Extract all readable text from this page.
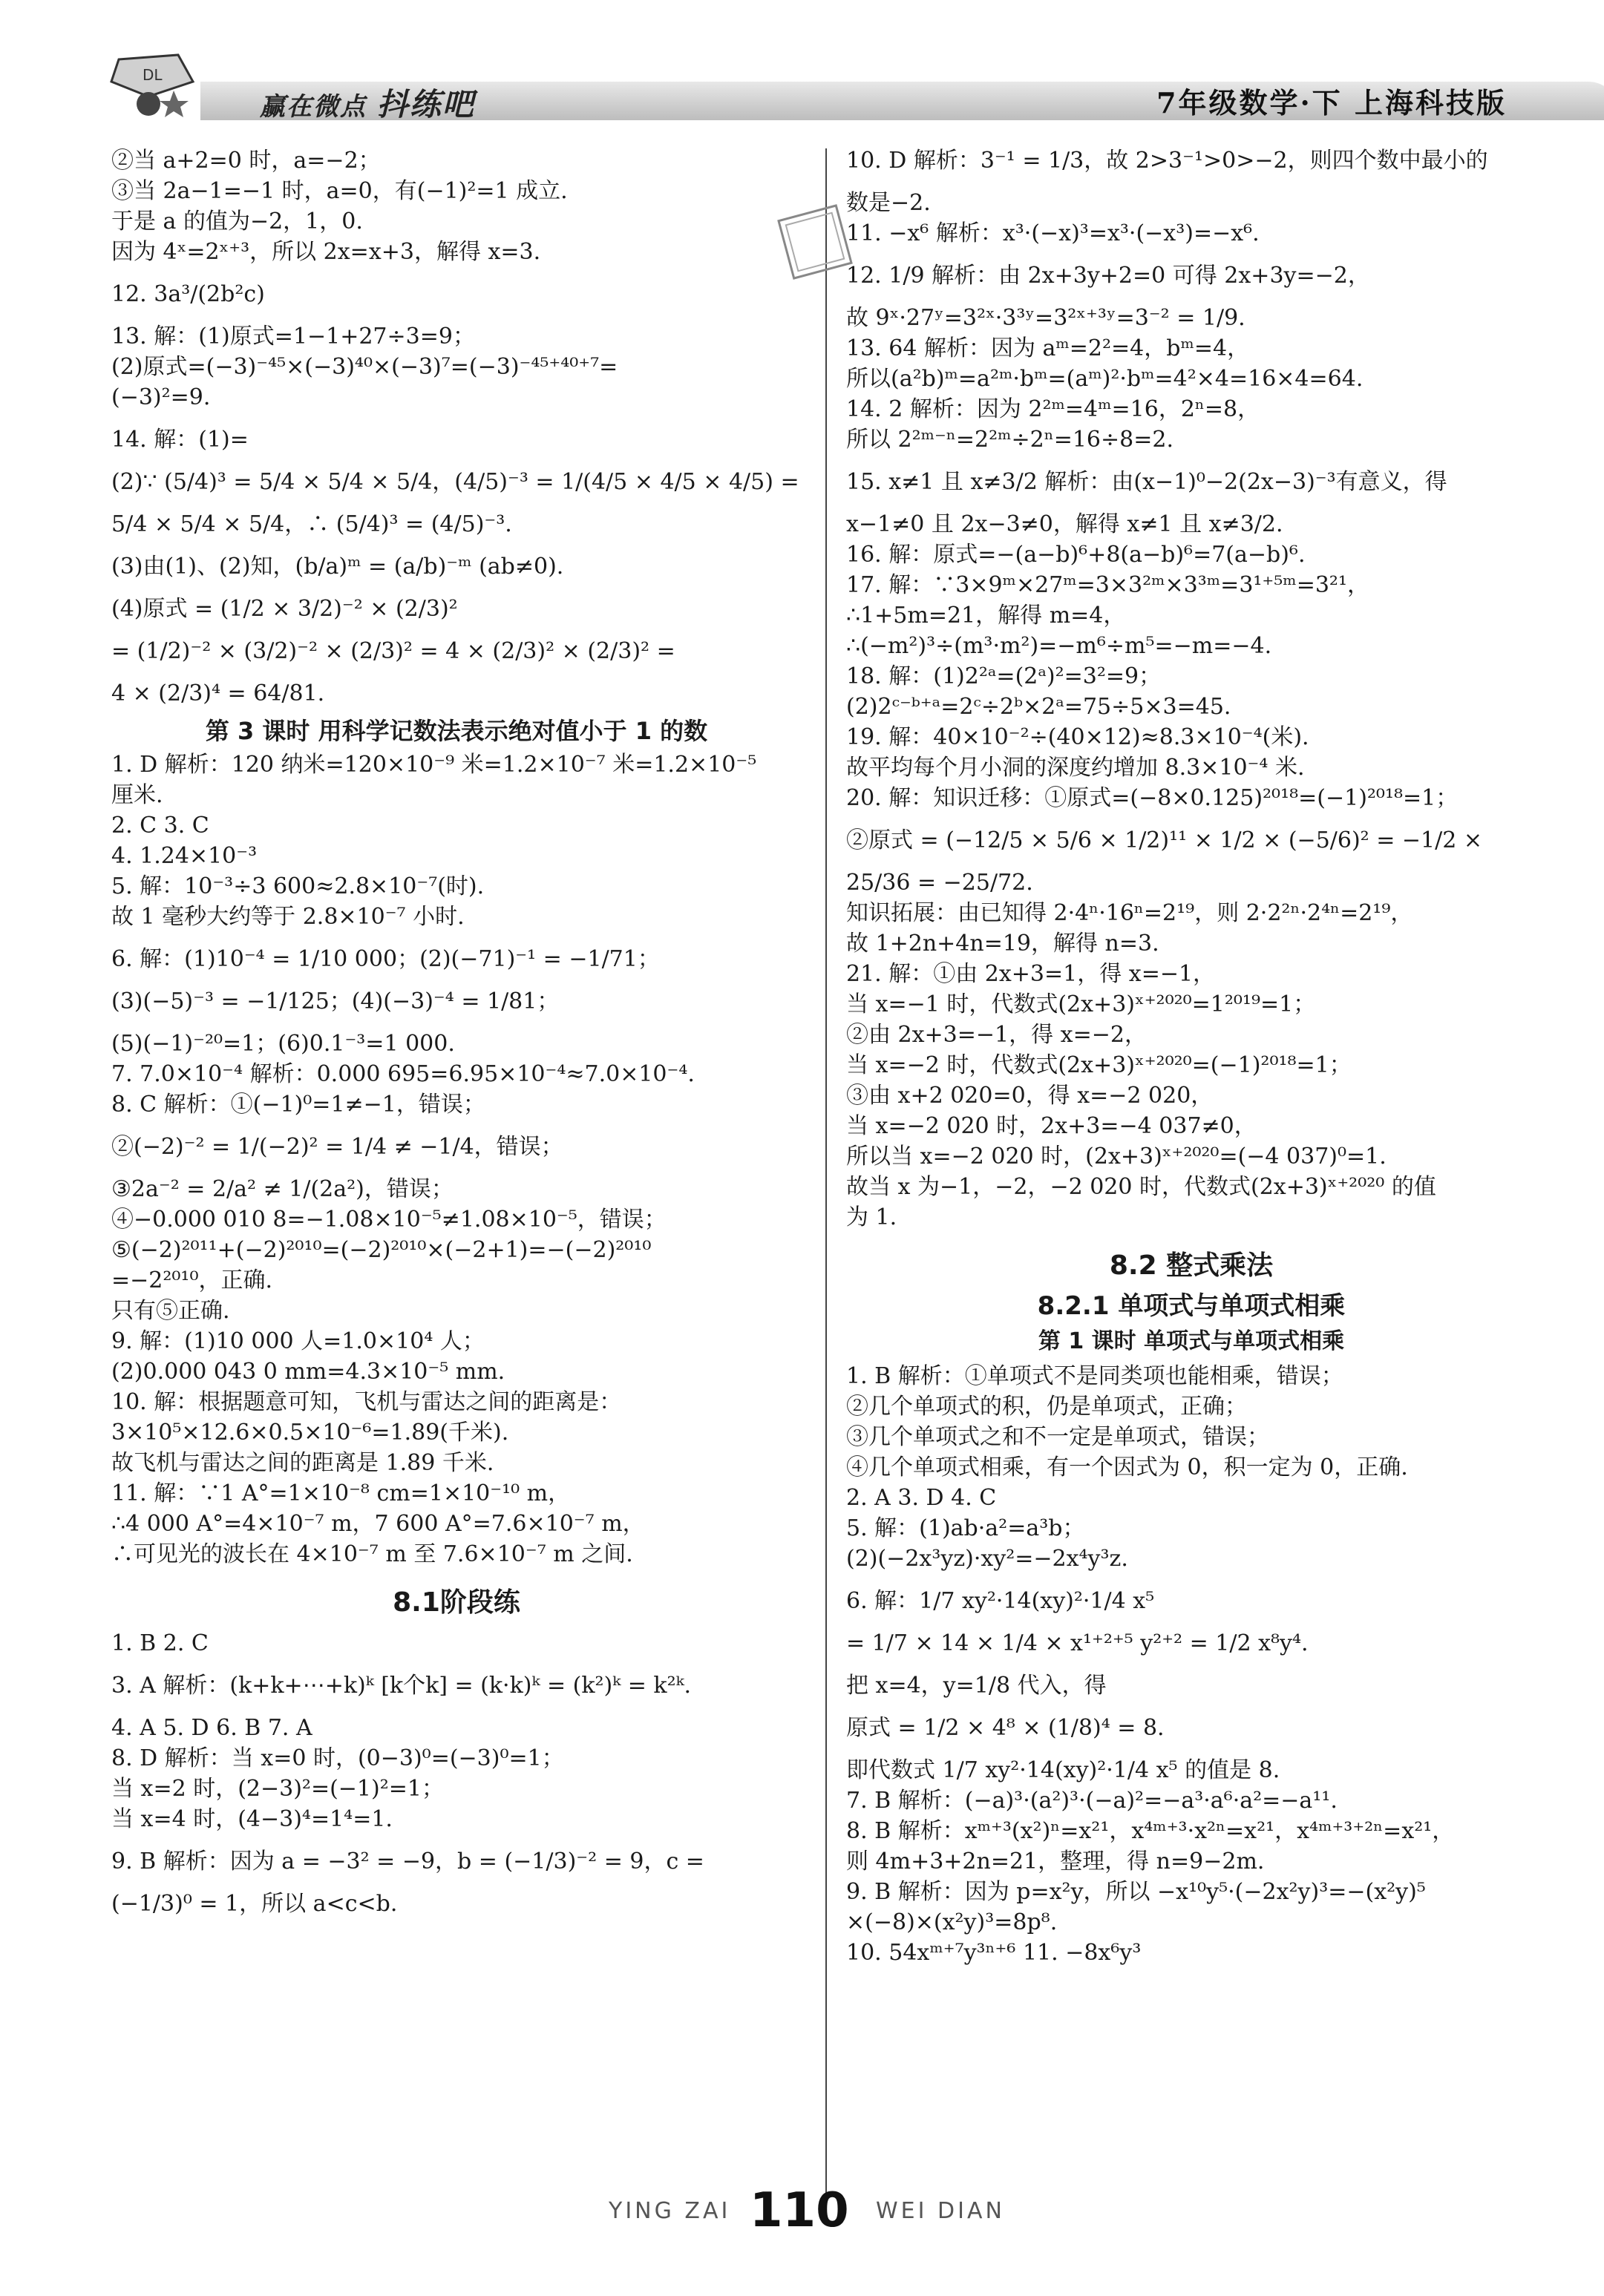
DL
赢在微点 抖练吧	7年级数学·下 上海科技版
②当 a+2=0 时，a=−2；
③当 2a−1=−1 时，a=0，有(−1)²=1 成立.
于是 a 的值为−2，1，0.
因为 4ˣ=2ˣ⁺³，所以 2x=x+3，解得 x=3.
12. 3a³/(2b²c)
13. 解：(1)原式=1−1+27÷3=9；
(2)原式=(−3)⁻⁴⁵×(−3)⁴⁰×(−3)⁷=(−3)⁻⁴⁵⁺⁴⁰⁺⁷=
(−3)²=9.
14. 解：(1)=
(2)∵ (5/4)³ = 5/4 × 5/4 × 5/4，(4/5)⁻³ = 1/(4/5 × 4/5 × 4/5) =
5/4 × 5/4 × 5/4，∴ (5/4)³ = (4/5)⁻³.
(3)由(1)、(2)知，(b/a)ᵐ = (a/b)⁻ᵐ (ab≠0).
(4)原式 = (1/2 × 3/2)⁻² × (2/3)²
= (1/2)⁻² × (3/2)⁻² × (2/3)² = 4 × (2/3)² × (2/3)² =
4 × (2/3)⁴ = 64/81.
第 3 课时 用科学记数法表示绝对值小于 1 的数
1. D 解析：120 纳米=120×10⁻⁹ 米=1.2×10⁻⁷ 米=1.2×10⁻⁵
厘米.
2. C 3. C
4. 1.24×10⁻³
5. 解：10⁻³÷3 600≈2.8×10⁻⁷(时).
故 1 毫秒大约等于 2.8×10⁻⁷ 小时.
6. 解：(1)10⁻⁴ = 1/10 000；(2)(−71)⁻¹ = −1/71；
(3)(−5)⁻³ = −1/125；(4)(−3)⁻⁴ = 1/81；
(5)(−1)⁻²⁰=1；(6)0.1⁻³=1 000.
7. 7.0×10⁻⁴ 解析：0.000 695=6.95×10⁻⁴≈7.0×10⁻⁴.
8. C 解析：①(−1)⁰=1≠−1，错误；
②(−2)⁻² = 1/(−2)² = 1/4 ≠ −1/4，错误；
③2a⁻² = 2/a² ≠ 1/(2a²)，错误；
④−0.000 010 8=−1.08×10⁻⁵≠1.08×10⁻⁵，错误；
⑤(−2)²⁰¹¹+(−2)²⁰¹⁰=(−2)²⁰¹⁰×(−2+1)=−(−2)²⁰¹⁰
=−2²⁰¹⁰，正确.
只有⑤正确.
9. 解：(1)10 000 人=1.0×10⁴ 人；
(2)0.000 043 0 mm=4.3×10⁻⁵ mm.
10. 解：根据题意可知，飞机与雷达之间的距离是：
3×10⁵×12.6×0.5×10⁻⁶=1.89(千米).
故飞机与雷达之间的距离是 1.89 千米.
11. 解：∵1 A°=1×10⁻⁸ cm=1×10⁻¹⁰ m，
∴4 000 A°=4×10⁻⁷ m，7 600 A°=7.6×10⁻⁷ m，
∴可见光的波长在 4×10⁻⁷ m 至 7.6×10⁻⁷ m 之间.
8.1阶段练
1. B 2. C
3. A 解析：(k+k+⋯+k)ᵏ [k个k] = (k·k)ᵏ = (k²)ᵏ = k²ᵏ.
4. A 5. D 6. B 7. A
8. D 解析：当 x=0 时，(0−3)⁰=(−3)⁰=1；
当 x=2 时，(2−3)²=(−1)²=1；
当 x=4 时，(4−3)⁴=1⁴=1.
9. B 解析：因为 a = −3² = −9，b = (−1/3)⁻² = 9，c =
(−1/3)⁰ = 1，所以 a<c<b.
10. D 解析：3⁻¹ = 1/3，故 2>3⁻¹>0>−2，则四个数中最小的
数是−2.
11. −x⁶ 解析：x³·(−x)³=x³·(−x³)=−x⁶.
12. 1/9 解析：由 2x+3y+2=0 可得 2x+3y=−2，
故 9ˣ·27ʸ=3²ˣ·3³ʸ=3²ˣ⁺³ʸ=3⁻² = 1/9.
13. 64 解析：因为 aᵐ=2²=4，bᵐ=4，
所以(a²b)ᵐ=a²ᵐ·bᵐ=(aᵐ)²·bᵐ=4²×4=16×4=64.
14. 2 解析：因为 2²ᵐ=4ᵐ=16，2ⁿ=8，
所以 2²ᵐ⁻ⁿ=2²ᵐ÷2ⁿ=16÷8=2.
15. x≠1 且 x≠3/2 解析：由(x−1)⁰−2(2x−3)⁻³有意义，得
x−1≠0 且 2x−3≠0，解得 x≠1 且 x≠3/2.
16. 解：原式=−(a−b)⁶+8(a−b)⁶=7(a−b)⁶.
17. 解：∵3×9ᵐ×27ᵐ=3×3²ᵐ×3³ᵐ=3¹⁺⁵ᵐ=3²¹，
∴1+5m=21，解得 m=4，
∴(−m²)³÷(m³·m²)=−m⁶÷m⁵=−m=−4.
18. 解：(1)2²ᵃ=(2ᵃ)²=3²=9；
(2)2ᶜ⁻ᵇ⁺ᵃ=2ᶜ÷2ᵇ×2ᵃ=75÷5×3=45.
19. 解：40×10⁻²÷(40×12)≈8.3×10⁻⁴(米).
故平均每个月小洞的深度约增加 8.3×10⁻⁴ 米.
20. 解：知识迁移：①原式=(−8×0.125)²⁰¹⁸=(−1)²⁰¹⁸=1；
②原式 = (−12/5 × 5/6 × 1/2)¹¹ × 1/2 × (−5/6)² = −1/2 ×
25/36 = −25/72.
知识拓展：由已知得 2·4ⁿ·16ⁿ=2¹⁹，则 2·2²ⁿ·2⁴ⁿ=2¹⁹，
故 1+2n+4n=19，解得 n=3.
21. 解：①由 2x+3=1，得 x=−1，
当 x=−1 时，代数式(2x+3)ˣ⁺²⁰²⁰=1²⁰¹⁹=1；
②由 2x+3=−1，得 x=−2，
当 x=−2 时，代数式(2x+3)ˣ⁺²⁰²⁰=(−1)²⁰¹⁸=1；
③由 x+2 020=0，得 x=−2 020，
当 x=−2 020 时，2x+3=−4 037≠0，
所以当 x=−2 020 时，(2x+3)ˣ⁺²⁰²⁰=(−4 037)⁰=1.
故当 x 为−1，−2，−2 020 时，代数式(2x+3)ˣ⁺²⁰²⁰ 的值
为 1.
8.2 整式乘法
8.2.1 单项式与单项式相乘
第 1 课时 单项式与单项式相乘
1. B 解析：①单项式不是同类项也能相乘，错误；
②几个单项式的积，仍是单项式，正确；
③几个单项式之和不一定是单项式，错误；
④几个单项式相乘，有一个因式为 0，积一定为 0，正确.
2. A 3. D 4. C
5. 解：(1)ab·a²=a³b；
(2)(−2x³yz)·xy²=−2x⁴y³z.
6. 解：1/7 xy²·14(xy)²·1/4 x⁵
= 1/7 × 14 × 1/4 × x¹⁺²⁺⁵ y²⁺² = 1/2 x⁸y⁴.
把 x=4，y=1/8 代入，得
原式 = 1/2 × 4⁸ × (1/8)⁴ = 8.
即代数式 1/7 xy²·14(xy)²·1/4 x⁵ 的值是 8.
7. B 解析：(−a)³·(a²)³·(−a)²=−a³·a⁶·a²=−a¹¹.
8. B 解析：xᵐ⁺³(x²)ⁿ=x²¹，x⁴ᵐ⁺³·x²ⁿ=x²¹，x⁴ᵐ⁺³⁺²ⁿ=x²¹，
则 4m+3+2n=21，整理，得 n=9−2m.
9. B 解析：因为 p=x²y，所以 −x¹⁰y⁵·(−2x²y)³=−(x²y)⁵
×(−8)×(x²y)³=8p⁸.
10. 54xᵐ⁺⁷y³ⁿ⁺⁶ 11. −8x⁶y³
YING ZAI 110 WEI DIAN
